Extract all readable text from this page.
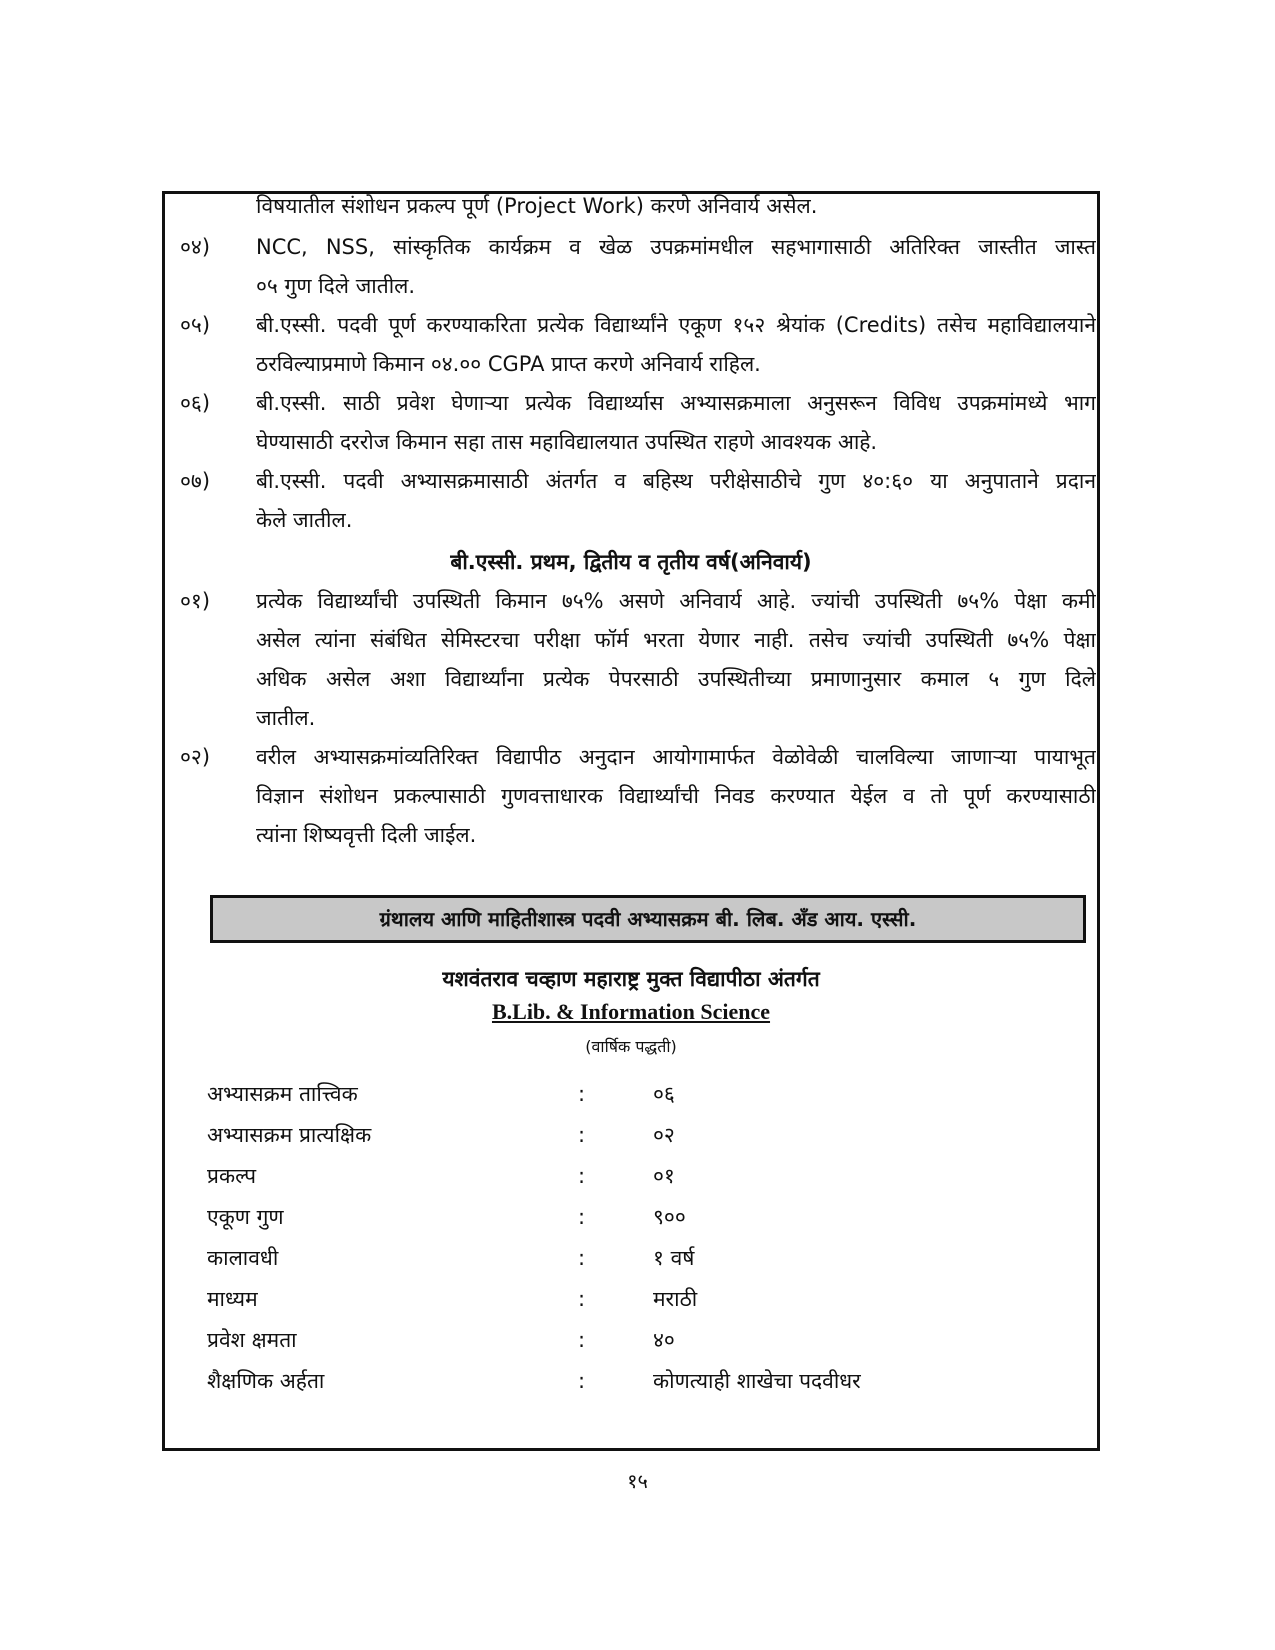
विषयातील संशोधन प्रकल्प पूर्ण (Project Work) करणे अनिवार्य असेल.
०४) NCC, NSS, सांस्कृतिक कार्यक्रम व खेळ उपक्रमांमधील सहभागासाठी अतिरिक्त जास्तीत जास्त
०५ गुण दिले जातील.
०५) बी.एस्सी. पदवी पूर्ण करण्याकरिता प्रत्येक विद्यार्थ्यांने एकूण १५२ श्रेयांक (Credits) तसेच महाविद्यालयाने
ठरविल्याप्रमाणे किमान ०४.०० CGPA प्राप्त करणे अनिवार्य राहिल.
०६) बी.एस्सी. साठी प्रवेश घेणाऱ्या प्रत्येक विद्यार्थ्यास अभ्यासक्रमाला अनुसरून विविध उपक्रमांमध्ये भाग
घेण्यासाठी दररोज किमान सहा तास महाविद्यालयात उपस्थित राहणे आवश्यक आहे.
०७) बी.एस्सी. पदवी अभ्यासक्रमासाठी अंतर्गत व बहिस्थ परीक्षेसाठीचे गुण ४०:६० या अनुपाताने प्रदान
केले जातील.
बी.एस्सी. प्रथम, द्वितीय व तृतीय वर्ष(अनिवार्य)
०१) प्रत्येक विद्यार्थ्यांची उपस्थिती किमान ७५% असणे अनिवार्य आहे. ज्यांची उपस्थिती ७५% पेक्षा कमी
असेल त्यांना संबंधित सेमिस्टरचा परीक्षा फॉर्म भरता येणार नाही. तसेच ज्यांची उपस्थिती ७५% पेक्षा
अधिक असेल अशा विद्यार्थ्यांना प्रत्येक पेपरसाठी उपस्थितीच्या प्रमाणानुसार कमाल ५ गुण दिले
जातील.
०२) वरील अभ्यासक्रमांव्यतिरिक्त विद्यापीठ अनुदान आयोगामार्फत वेळोवेळी चालविल्या जाणाऱ्या पायाभूत
विज्ञान संशोधन प्रकल्पासाठी गुणवत्ताधारक विद्यार्थ्यांची निवड करण्यात येईल व तो पूर्ण करण्यासाठी
त्यांना शिष्यवृत्ती दिली जाईल.
ग्रंथालय आणि माहितीशास्त्र पदवी अभ्यासक्रम बी. लिब. अँड आय. एस्सी.
यशवंतराव चव्हाण महाराष्ट्र मुक्त विद्यापीठा अंतर्गत
B.Lib. & Information Science
(वार्षिक पद्धती)
अभ्यासक्रम तात्त्विक	:	०६
अभ्यासक्रम प्रात्यक्षिक	:	०२
प्रकल्प	:	०१
एकूण गुण	:	९००
कालावधी	:	१ वर्ष
माध्यम	:	मराठी
प्रवेश क्षमता	:	४०
शैक्षणिक अर्हता	:	कोणत्याही शाखेचा पदवीधर
१५
